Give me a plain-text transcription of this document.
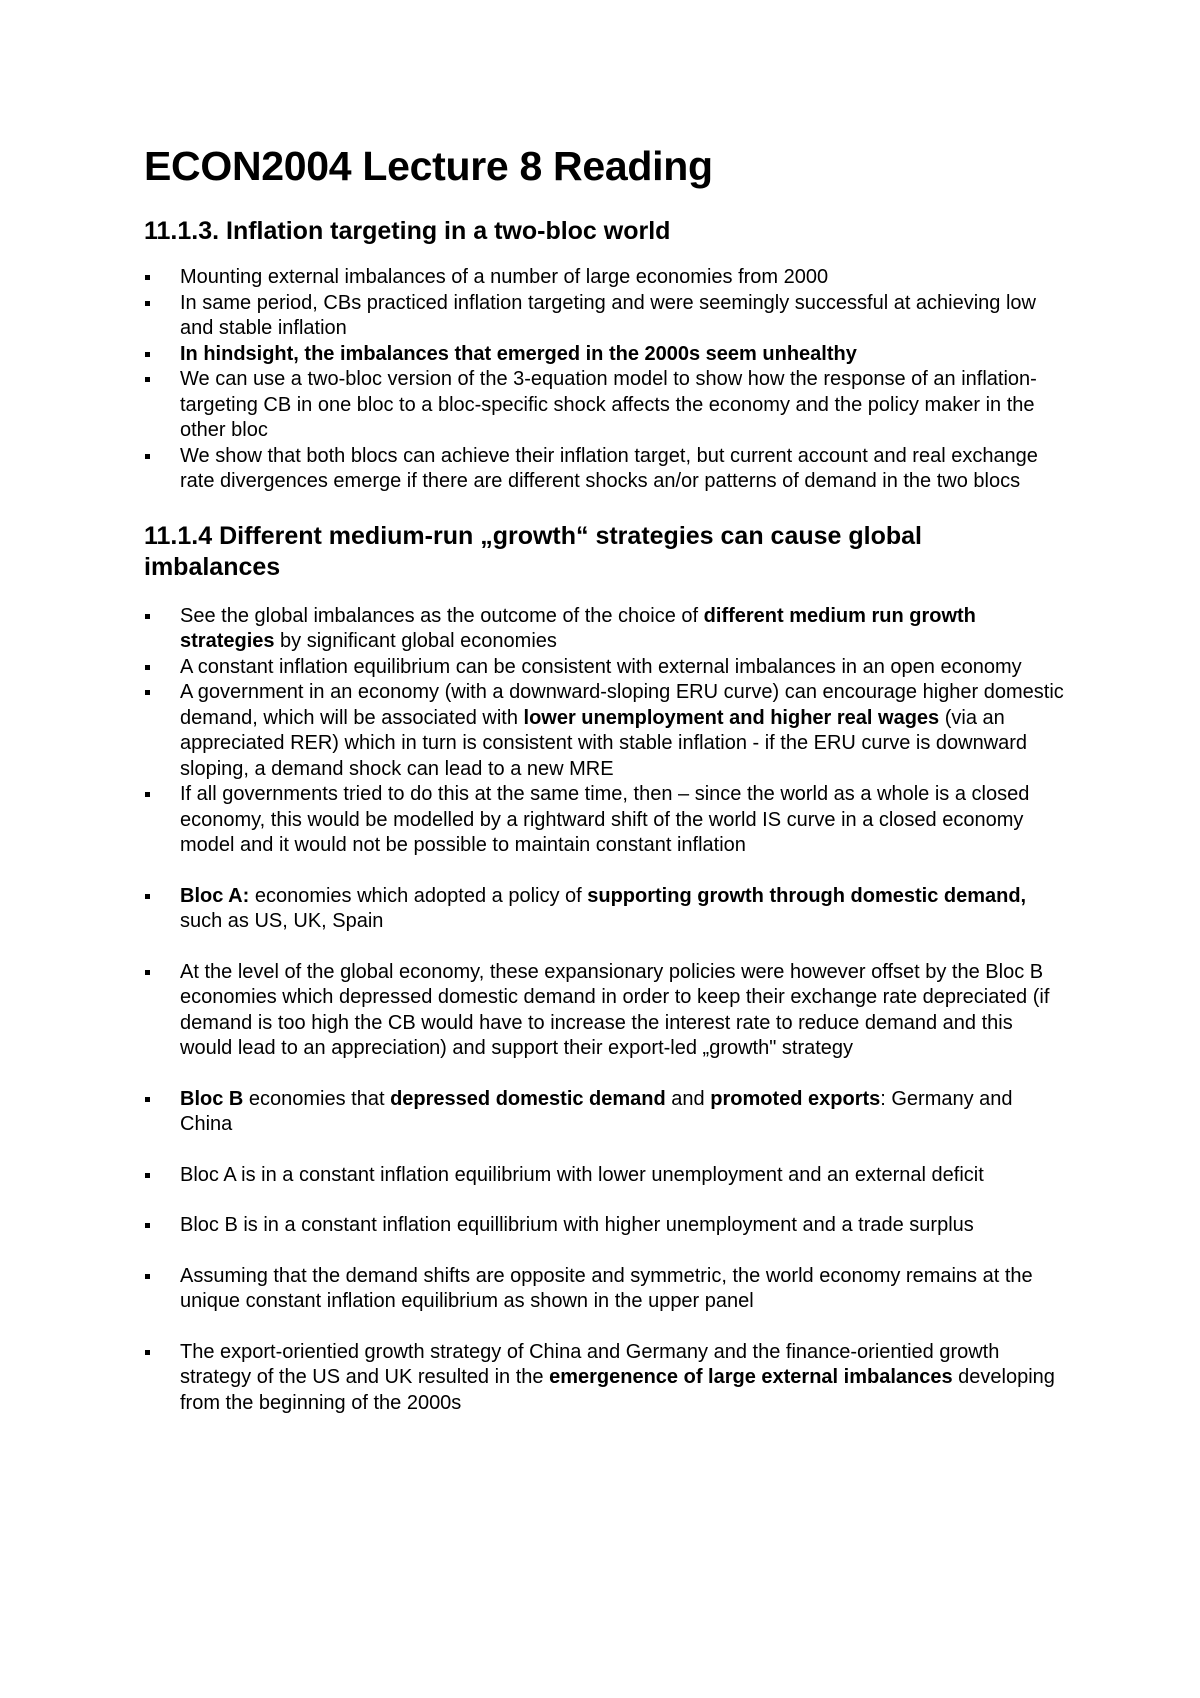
ECON2004 Lecture 8 Reading
11.1.3. Inflation targeting in a two-bloc world
Mounting external imbalances of a number of large economies from 2000
In same period, CBs practiced inflation targeting and were seemingly successful at achieving low and stable inflation
In hindsight, the imbalances that emerged in the 2000s seem unhealthy
We can use a two-bloc version of the 3-equation model to show how the response of an inflation-targeting CB in one bloc to a bloc-specific shock affects the economy and the policy maker in the other bloc
We show that both blocs can achieve their inflation target, but current account and real exchange rate divergences emerge if there are different shocks an/or patterns of demand in the two blocs
11.1.4 Different medium-run „growth“ strategies can cause global imbalances
See the global imbalances as the outcome of the choice of different medium run growth strategies by significant global economies
A constant inflation equilibrium can be consistent with external imbalances in an open economy
A government in an economy (with a downward-sloping ERU curve) can encourage higher domestic demand, which will be associated with lower unemployment and higher real wages (via an appreciated RER) which in turn is consistent with stable inflation - if the ERU curve is downward sloping, a demand shock can lead to a new MRE
If all governments tried to do this at the same time, then – since the world as a whole is a closed economy, this would be modelled by a rightward shift of the world IS curve in a closed economy model and it would not be possible to maintain constant inflation
Bloc A: economies which adopted a policy of supporting growth through domestic demand, such as US, UK, Spain
At the level of the global economy, these expansionary policies were however offset by the Bloc B economies which depressed domestic demand in order to keep their exchange rate depreciated (if demand is too high the CB would have to increase the interest rate to reduce demand and this would lead to an appreciation) and support their export-led „growth" strategy
Bloc B economies that depressed domestic demand and promoted exports: Germany and China
Bloc A is in a constant inflation equilibrium with lower unemployment and an external deficit
Bloc B is in a constant inflation equillibrium with higher unemployment and a trade surplus
Assuming that the demand shifts are opposite and symmetric, the world economy remains at the unique constant inflation equilibrium as shown in the upper panel
The export-orientied growth strategy of China and Germany and the finance-orientied growth strategy of the US and UK resulted in the emergenence of large external imbalances developing from the beginning of the 2000s
